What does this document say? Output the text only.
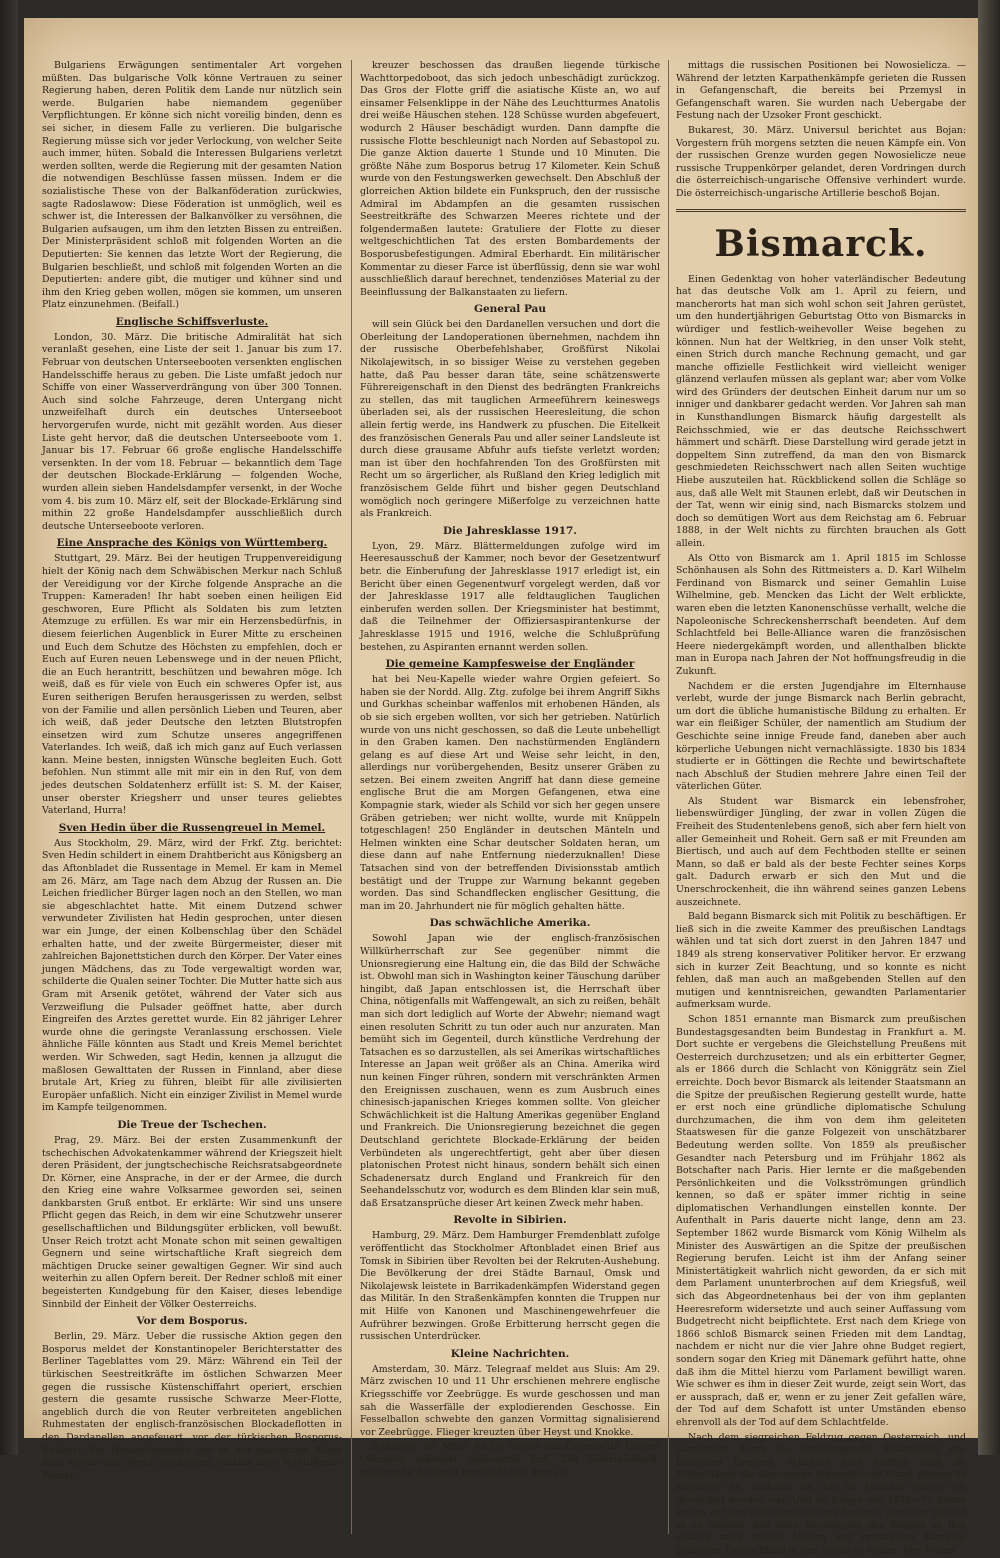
Bulgariens Erwägungen sentimentaler Art vorgehen müßten. Das bulgarische Volk könne Vertrauen zu seiner Regierung haben, deren Politik dem Lande nur nützlich sein werde. Bulgarien habe niemandem gegenüber Verpflichtungen. Er könne sich nicht voreilig binden, denn es sei sicher, in diesem Falle zu verlieren. Die bulgarische Regierung müsse sich vor jeder Verlockung, von welcher Seite auch immer, hüten. Sobald die Interessen Bulgariens verletzt werden sollten, werde die Regierung mit der gesamten Nation die notwendigen Beschlüsse fassen müssen. Indem er die sozialistische These von der Balkanföderation zurückwies, sagte Radoslawow: Diese Föderation ist unmöglich, weil es schwer ist, die Interessen der Balkanvölker zu versöhnen, die Bulgarien aufsaugen, um ihm den letzten Bissen zu entreißen. Der Ministerpräsident schloß mit folgenden Worten an die Deputierten: Sie kennen das letzte Wort der Regierung, die Bulgarien beschließt, und schloß mit folgenden Worten an die Deputierten: andere gibt, die mutiger und kühner sind und ihm den Krieg geben wollen, mögen sie kommen, um unseren Platz einzunehmen. (Beifall.)

Englische Schiffsverluste.

London, 30. März. Die britische Admiralität hat sich veranlaßt gesehen, eine Liste der seit 1. Januar bis zum 17. Februar von deutschen Unterseebooten versenkten englischen Handelsschiffe heraus zu geben. Die Liste umfaßt jedoch nur Schiffe von einer Wasserverdrängung von über 300 Tonnen. Auch sind solche Fahrzeuge, deren Untergang nicht unzweifelhaft durch ein deutsches Unterseeboot hervorgerufen wurde, nicht mit gezählt worden. Aus dieser Liste geht hervor, daß die deutschen Unterseeboote vom 1. Januar bis 17. Februar 66 große englische Handelsschiffe versenkten. In der vom 18. Februar — bekanntlich dem Tage der deutschen Blockade-Erklärung — folgenden Woche, wurden allein sieben Handelsdampfer versenkt, in der Woche vom 4. bis zum 10. März elf, seit der Blockade-Erklärung sind mithin 22 große Handelsdampfer ausschließlich durch deutsche Unterseeboote verloren.

Eine Ansprache des Königs von Württemberg.

Stuttgart, 29. März. Bei der heutigen Truppenvereidigung hielt der König nach dem Schwäbischen Merkur nach Schluß der Vereidigung vor der Kirche folgende Ansprache an die Truppen: Kameraden! Ihr habt soeben einen heiligen Eid geschworen, Eure Pflicht als Soldaten bis zum letzten Atemzuge zu erfüllen. Es war mir ein Herzensbedürfnis, in diesem feierlichen Augenblick in Eurer Mitte zu erscheinen und Euch dem Schutze des Höchsten zu empfehlen, doch er Euch auf Euren neuen Lebenswege und in der neuen Pflicht, die an Euch herantritt, beschützen und bewahren möge. Ich weiß, daß es für viele von Euch ein schweres Opfer ist, aus Euren seitherigen Berufen herausgerissen zu werden, selbst von der Familie und allen persönlich Lieben und Teuren, aber ich weiß, daß jeder Deutsche den letzten Blutstropfen einsetzen wird zum Schutze unseres angegriffenen Vaterlandes. Ich weiß, daß ich mich ganz auf Euch verlassen kann. Meine besten, innigsten Wünsche begleiten Euch. Gott befohlen. Nun stimmt alle mit mir ein in den Ruf, von dem jedes deutschen Soldatenherz erfüllt ist: S. M. der Kaiser, unser oberster Kriegsherr und unser teures geliebtes Vaterland, Hurra!

Sven Hedin über die Russengreuel in Memel.

Aus Stockholm, 29. März, wird der Frkf. Ztg. berichtet: Sven Hedin schildert in einem Drahtbericht aus Königsberg an das Aftonbladet die Russentage in Memel. Er kam in Memel am 26. März, am Tage nach dem Abzug der Russen an. Die Leichen friedlicher Bürger lagen noch an den Stellen, wo man sie abgeschlachtet hatte. Mit einem Dutzend schwer verwundeter Zivilisten hat Hedin gesprochen, unter diesen war ein Junge, der einen Kolbenschlag über den Schädel erhalten hatte, und der zweite Bürgermeister, dieser mit zahlreichen Bajonettstichen durch den Körper. Der Vater eines jungen Mädchens, das zu Tode vergewaltigt worden war, schilderte die Qualen seiner Tochter. Die Mutter hatte sich aus Gram mit Arsenik getötet, während der Vater sich aus Verzweiflung die Pulsader geöffnet hatte, aber durch Eingreifen des Arztes gerettet wurde. Ein 82 jähriger Lehrer wurde ohne die geringste Veranlassung erschossen. Viele ähnliche Fälle könnten aus Stadt und Kreis Memel berichtet werden. Wir Schweden, sagt Hedin, kennen ja allzugut die maßlosen Gewalttaten der Russen in Finnland, aber diese brutale Art, Krieg zu führen, bleibt für alle zivilisierten Europäer unfaßlich. Nicht ein einziger Zivilist in Memel wurde im Kampfe teilgenommen.

Die Treue der Tschechen.

Prag, 29. März. Bei der ersten Zusammenkunft der tschechischen Advokatenkammer während der Kriegszeit hielt deren Präsident, der jungtschechische Reichsratsabgeordnete Dr. Körner, eine Ansprache, in der er der Armee, die durch den Krieg eine wahre Volksarmee geworden sei, seinen dankbarsten Gruß entbot. Er erklärte: Wir sind uns unsere Pflicht gegen das Reich, in dem wir eine Schutzwehr unserer gesellschaftlichen und Bildungsgüter erblicken, voll bewußt. Unser Reich trotzt acht Monate schon mit seinen gewaltigen Gegnern und seine wirtschaftliche Kraft siegreich dem mächtigen Drucke seiner gewaltigen Gegner. Wir sind auch weiterhin zu allen Opfern bereit. Der Redner schloß mit einer begeisterten Kundgebung für den Kaiser, dieses lebendige Sinnbild der Einheit der Völker Oesterreichs.

Vor dem Bosporus.

Berlin, 29. März. Ueber die russische Aktion gegen den Bosporus meldet der Konstantinopeler Berichterstatter des Berliner Tageblattes vom 29. März: Während ein Teil der türkischen Seestreitkräfte im östlichen Schwarzen Meer gegen die russische Küstenschiffahrt operiert, erschien gestern die gesamte russische Schwarze Meer-Flotte, angeblich durch die von Reuter verbreiteten angeblichen Ruhmestaten der englisch-französischen Blockadeflotten in den Dardanellen angefeuert, vor der türkischen Bosporus-Einfahrt. Ein Handelsdampfer, der an der asiatischen Küste fuhr, wurde ohne Anruf beschossen, entkam aber. Vorstoßende Panzer-

kreuzer beschossen das draußen liegende türkische Wachttorpedoboot, das sich jedoch unbeschädigt zurückzog. Das Gros der Flotte griff die asiatische Küste an, wo auf einsamer Felsenklippe in der Nähe des Leuchtturmes Anatolis drei weiße Häuschen stehen. 128 Schüsse wurden abgefeuert, wodurch 2 Häuser beschädigt wurden. Dann dampfte die russische Flotte beschleunigt nach Norden auf Sebastopol zu. Die ganze Aktion dauerte 1 Stunde und 10 Minuten. Die größte Nähe zum Bosporus betrug 17 Kilometer. Kein Schuß wurde von den Festungswerken gewechselt. Den Abschluß der glorreichen Aktion bildete ein Funkspruch, den der russische Admiral im Abdampfen an die gesamten russischen Seestreitkräfte des Schwarzen Meeres richtete und der folgendermaßen lautete: Gratuliere der Flotte zu dieser weltgeschichtlichen Tat des ersten Bombardements der Bosporusbefestigungen. Admiral Eberhardt. Ein militärischer Kommentar zu dieser Farce ist überflüssig, denn sie war wohl ausschließlich darauf berechnet, tendenziöses Material zu der Beeinflussung der Balkanstaaten zu liefern.

General Pau

will sein Glück bei den Dardanellen versuchen und dort die Oberleitung der Landoperationen übernehmen, nachdem ihn der russische Oberbefehlshaber, Großfürst Nikolai Nikolajewitsch, in so bissiger Weise zu verstehen gegeben hatte, daß Pau besser daran täte, seine schätzenswerte Führereigenschaft in den Dienst des bedrängten Frankreichs zu stellen, das mit tauglichen Armeeführern keineswegs überladen sei, als der russischen Heeresleitung, die schon allein fertig werde, ins Handwerk zu pfuschen. Die Eitelkeit des französischen Generals Pau und aller seiner Landsleute ist durch diese grausame Abfuhr aufs tiefste verletzt worden; man ist über den hochfahrenden Ton des Großfürsten mit Recht um so ärgerlicher, als Rußland den Krieg lediglich mit französischem Gelde führt und bisher gegen Deutschland womöglich noch geringere Mißerfolge zu verzeichnen hatte als Frankreich.

Die Jahresklasse 1917.

Lyon, 29. März. Blättermeldungen zufolge wird im Heeresausschuß der Kammer, noch bevor der Gesetzentwurf betr. die Einberufung der Jahresklasse 1917 erledigt ist, ein Bericht über einen Gegenentwurf vorgelegt werden, daß vor der Jahresklasse 1917 alle feldtauglichen Tauglichen einberufen werden sollen. Der Kriegsminister hat bestimmt, daß die Teilnehmer der Offiziersaspirantenkurse der Jahresklasse 1915 und 1916, welche die Schlußprüfung bestehen, zu Aspiranten ernannt werden sollen.

Die gemeine Kampfesweise der Engländer

hat bei Neu-Kapelle wieder wahre Orgien gefeiert. So haben sie der Nordd. Allg. Ztg. zufolge bei ihrem Angriff Sikhs und Gurkhas scheinbar waffenlos mit erhobenen Händen, als ob sie sich ergeben wollten, vor sich her getrieben. Natürlich wurde von uns nicht geschossen, so daß die Leute unbehelligt in den Graben kamen. Den nachstürmenden Engländern gelang es auf diese Art und Weise sehr leicht, in den, allerdings nur vorübergehenden, Besitz unserer Gräben zu setzen. Bei einem zweiten Angriff hat dann diese gemeine englische Brut die am Morgen Gefangenen, etwa eine Kompagnie stark, wieder als Schild vor sich her gegen unsere Gräben getrieben; wer nicht wollte, wurde mit Knüppeln totgeschlagen! 250 Engländer in deutschen Mänteln und Helmen winkten eine Schar deutscher Soldaten heran, um diese dann auf nahe Entfernung niederzuknallen! Diese Tatsachen sind von der betreffenden Divisionsstab amtlich bestätigt und der Truppe zur Warnung bekannt gegeben worden. Das sind Schandflecken englischer Gesittung, die man im 20. Jahrhundert nie für möglich gehalten hätte.

Das schwächliche Amerika.

Sowohl Japan wie der englisch-französischen Willkürherrschaft zur See gegenüber nimmt die Unionsregierung eine Haltung ein, die das Bild der Schwäche ist. Obwohl man sich in Washington keiner Täuschung darüber hingibt, daß Japan entschlossen ist, die Herrschaft über China, nötigenfalls mit Waffengewalt, an sich zu reißen, behält man sich dort lediglich auf Worte der Abwehr; niemand wagt einen resoluten Schritt zu tun oder auch nur anzuraten. Man bemüht sich im Gegenteil, durch künstliche Verdrehung der Tatsachen es so darzustellen, als sei Amerikas wirtschaftliches Interesse an Japan weit größer als an China. Amerika wird nun keinen Finger rühren, sondern mit verschränkten Armen den Ereignissen zuschauen, wenn es zum Ausbruch eines chinesisch-japanischen Krieges kommen sollte. Von gleicher Schwächlichkeit ist die Haltung Amerikas gegenüber England und Frankreich. Die Unionsregierung bezeichnet die gegen Deutschland gerichtete Blockade-Erklärung der beiden Verbündeten als ungerechtfertigt, geht aber über diesen platonischen Protest nicht hinaus, sondern behält sich einen Schadenersatz durch England und Frankreich für den Seehandelsschutz vor, wodurch es dem Blinden klar sein muß, daß Ersatzansprüche dieser Art keinen Zweck mehr haben.

Revolte in Sibirien.

Hamburg, 29. März. Dem Hamburger Fremdenblatt zufolge veröffentlicht das Stockholmer Aftonbladet einen Brief aus Tomsk in Sibirien über Revolten bei der Rekruten-Aushebung. Die Bevölkerung der drei Städte Barnaul, Omsk und Nikolajewsk leistete in Barrikadenkämpfen Widerstand gegen das Militär. In den Straßenkämpfen konnten die Truppen nur mit Hilfe von Kanonen und Maschinengewehrfeuer die Aufrührer bezwingen. Große Erbitterung herrscht gegen die russischen Unterdrücker.

Kleine Nachrichten.

Amsterdam, 30. März. Telegraaf meldet aus Sluis: Am 29. März zwischen 10 und 11 Uhr erschienen mehrere englische Kriegsschiffe vor Zeebrügge. Es wurde geschossen und man sah die Wasserfälle der explodierenden Geschosse. Ein Fesselballon schwebte den ganzen Vormittag signalisierend vor Zeebrügge. Flieger kreuzten über Heyst und Knokke.

Budapest, 30. März. Az Est meldet aus Czernowitz: Unsere Offensive schreitet andauernd fort. Die österreichisch-ungarische Artillerie beschießt seit dem 29.

mittags die russischen Positionen bei Nowosielicza. — Während der letzten Karpathenkämpfe gerieten die Russen in Gefangenschaft, die bereits bei Przemysl in Gefangenschaft waren. Sie wurden nach Uebergabe der Festung nach der Uzsoker Front geschickt.

Bukarest, 30. März. Universul berichtet aus Bojan: Vorgestern früh morgens setzten die neuen Kämpfe ein. Von der russischen Grenze wurden gegen Nowosielicze neue russische Truppenkörper gelandet, deren Vordringen durch die österreichisch-ungarische Offensive verhindert wurde. Die österreichisch-ungarische Artillerie beschoß Bojan.

Bismarck.

Einen Gedenktag von hoher vaterländischer Bedeutung hat das deutsche Volk am 1. April zu feiern, und mancherorts hat man sich wohl schon seit Jahren gerüstet, um den hundertjährigen Geburtstag Otto von Bismarcks in würdiger und festlich-weihevoller Weise begehen zu können. Nun hat der Weltkrieg, in den unser Volk steht, einen Strich durch manche Rechnung gemacht, und gar manche offizielle Festlichkeit wird vielleicht weniger glänzend verlaufen müssen als geplant war; aber vom Volke wird des Gründers der deutschen Einheit darum nur um so inniger und dankbarer gedacht werden. Vor Jahren sah man in Kunsthandlungen Bismarck häufig dargestellt als Reichsschmied, wie er das deutsche Reichsschwert hämmert und schärft. Diese Darstellung wird gerade jetzt in doppeltem Sinn zutreffend, da man den von Bismarck geschmiedeten Reichsschwert nach allen Seiten wuchtige Hiebe auszuteilen hat. Rückblickend sollen die Schläge so aus, daß alle Welt mit Staunen erlebt, daß wir Deutschen in der Tat, wenn wir einig sind, nach Bismarcks stolzem und doch so demütigen Wort aus dem Reichstag am 6. Februar 1888, in der Welt nichts zu fürchten brauchen als Gott allein.

Als Otto von Bismarck am 1. April 1815 im Schlosse Schönhausen als Sohn des Rittmeisters a. D. Karl Wilhelm Ferdinand von Bismarck und seiner Gemahlin Luise Wilhelmine, geb. Mencken das Licht der Welt erblickte, waren eben die letzten Kanonenschüsse verhallt, welche die Napoleonische Schreckensherrschaft beendeten. Auf dem Schlachtfeld bei Belle-Alliance waren die französischen Heere niedergekämpft worden, und allenthalben blickte man in Europa nach Jahren der Not hoffnungsfreudig in die Zukunft.

Nachdem er die ersten Jugendjahre im Elternhause verlebt, wurde der junge Bismarck nach Berlin gebracht, um dort die übliche humanistische Bildung zu erhalten. Er war ein fleißiger Schüler, der namentlich am Studium der Geschichte seine innige Freude fand, daneben aber auch körperliche Uebungen nicht vernachlässigte. 1830 bis 1834 studierte er in Göttingen die Rechte und bewirtschaftete nach Abschluß der Studien mehrere Jahre einen Teil der väterlichen Güter.

Als Student war Bismarck ein lebensfroher, liebenswürdiger Jüngling, der zwar in vollen Zügen die Freiheit des Studentenlebens genoß, sich aber fern hielt von aller Gemeinheit und Roheit. Gern saß er mit Freunden am Biertisch, und auch auf dem Fechtboden stellte er seinen Mann, so daß er bald als der beste Fechter seines Korps galt. Dadurch erwarb er sich den Mut und die Unerschrockenheit, die ihn während seines ganzen Lebens auszeichnete.

Bald begann Bismarck sich mit Politik zu beschäftigen. Er ließ sich in die zweite Kammer des preußischen Landtags wählen und tat sich dort zuerst in den Jahren 1847 und 1849 als streng konservativer Politiker hervor. Er erzwang sich in kurzer Zeit Beachtung, und so konnte es nicht fehlen, daß man auch an maßgebenden Stellen auf den mutigen und kenntnisreichen, gewandten Parlamentarier aufmerksam wurde.

Schon 1851 ernannte man Bismarck zum preußischen Bundestagsgesandten beim Bundestag in Frankfurt a. M. Dort suchte er vergebens die Gleichstellung Preußens mit Oesterreich durchzusetzen; und als ein erbitterter Gegner, als er 1866 durch die Schlacht von Königgrätz sein Ziel erreichte. Doch bevor Bismarck als leitender Staatsmann an die Spitze der preußischen Regierung gestellt wurde, hatte er erst noch eine gründliche diplomatische Schulung durchzumachen, die ihm von dem ihm geleiteten Staatswesen für die ganze Folgezeit von unschätzbarer Bedeutung werden sollte. Von 1859 als preußischer Gesandter nach Petersburg und im Frühjahr 1862 als Botschafter nach Paris. Hier lernte er die maßgebenden Persönlichkeiten und die Volksströmungen gründlich kennen, so daß er später immer richtig in seine diplomatischen Verhandlungen einstellen konnte. Der Aufenthalt in Paris dauerte nicht lange, denn am 23. September 1862 wurde Bismarck vom König Wilhelm als Minister des Auswärtigen an die Spitze der preußischen Regierung berufen. Leicht ist ihm der Anfang seiner Ministertätigkeit wahrlich nicht geworden, da er sich mit dem Parlament ununterbrochen auf dem Kriegsfuß, weil sich das Abgeordnetenhaus bei der von ihm geplanten Heeresreform widersetzte und auch seiner Auffassung vom Budgetrecht nicht beipflichtete. Erst nach dem Kriege von 1866 schloß Bismarck seinen Frieden mit dem Landtag, nachdem er nicht nur die vier Jahre ohne Budget regiert, sondern sogar den Krieg mit Dänemark geführt hatte, ohne daß ihm die Mittel hierzu vom Parlament bewilligt waren. Wie schwer es ihm in dieser Zeit wurde, zeigt sein Wort, das er aussprach, daß er, wenn er zu jener Zeit gefallen wäre, der Tod auf dem Schafott ist unter Umständen ebenso ehrenvoll als der Tod auf dem Schlachtfelde.

Nach dem siegreichen Feldzug gegen Oesterreich, und namentlich durch die schonungsvolle Behandlung des besiegten Gegners, erkannte man endlich auch im Heimatlande die überlegene diplomatische Kunst Bismarcks allgemein an, nachdem sie ihm im Auslande längst voll gewürdigt worden war. Und im Kriege von 1870—71 führte er uns auf den Gipfelpunkt seines Ruhmes; denn nur ihm ist es zu danken, daß nach Beendigung des Krieges es ihm endlich nach heißen Mühen und ernstlichen Kämpfen gelungen, Deutschland in den Sattel zu setzen. Der Traum
